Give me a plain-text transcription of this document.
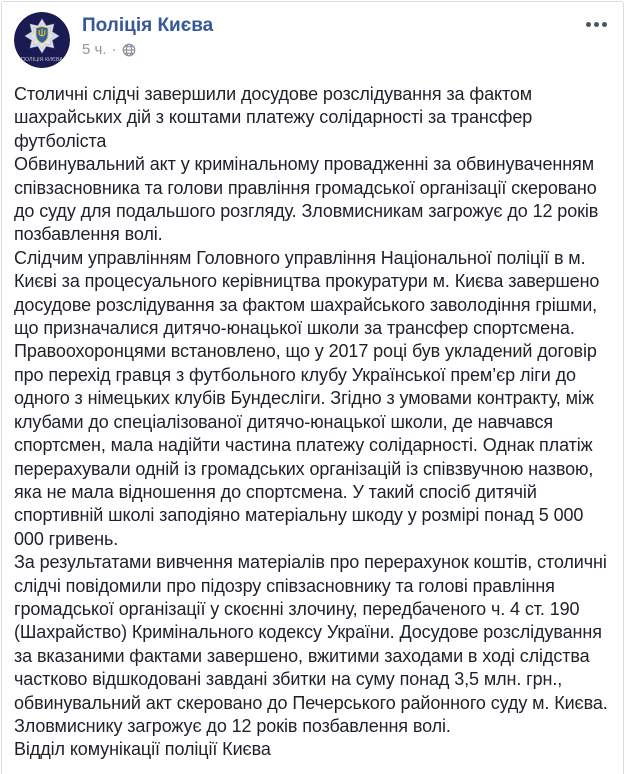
ПОЛІЦІЯ КИЄВА
Поліція Києва
5 ч. ·

Столичні слідчі завершили досудове розслідування за фактом шахрайських дій з коштами платежу солідарності за трансфер футболіста

Обвинувальний акт у кримінальному провадженні за обвинуваченням співзасновника та голови правління громадської організації скеровано до суду для подальшого розгляду. Зловмисникам загрожує до 12 років позбавлення волі.

Слідчим управлінням Головного управління Національної поліції в м. Києві за процесуального керівництва прокуратури м. Києва завершено досудове розслідування за фактом шахрайського заволодіння грішми, що призначалися дитячо-юнацької школи за трансфер спортсмена.

Правоохоронцями встановлено, що у 2017 році був укладений договір про перехід гравця з футбольного клубу Української прем’єр ліги до одного з німецьких клубів Бундесліги. Згідно з умовами контракту, між клубами до спеціалізованої дитячо-юнацької школи, де навчався спортсмен, мала надійти частина платежу солідарності. Однак платіж перерахували одній із громадських організацій із співзвучною назвою, яка не мала відношення до спортсмена. У такий спосіб дитячій спортивній школі заподіяно матеріальну шкоду у розмірі понад 5 000 000 гривень.

За результатами вивчення матеріалів про перерахунок коштів, столичні слідчі повідомили про підозру співзасновнику та голові правління громадської організації у скоєнні злочину, передбаченого ч. 4 ст. 190 (Шахрайство) Кримінального кодексу України. Досудове розслідування за вказаними фактами завершено, вжитими заходами в ході слідства частково відшкодовані завдані збитки на суму понад 3,5 млн. грн., обвинувальний акт скеровано до Печерського районного суду м. Києва. Зловмиснику загрожує до 12 років позбавлення волі.

Відділ комунікації поліції Києва
